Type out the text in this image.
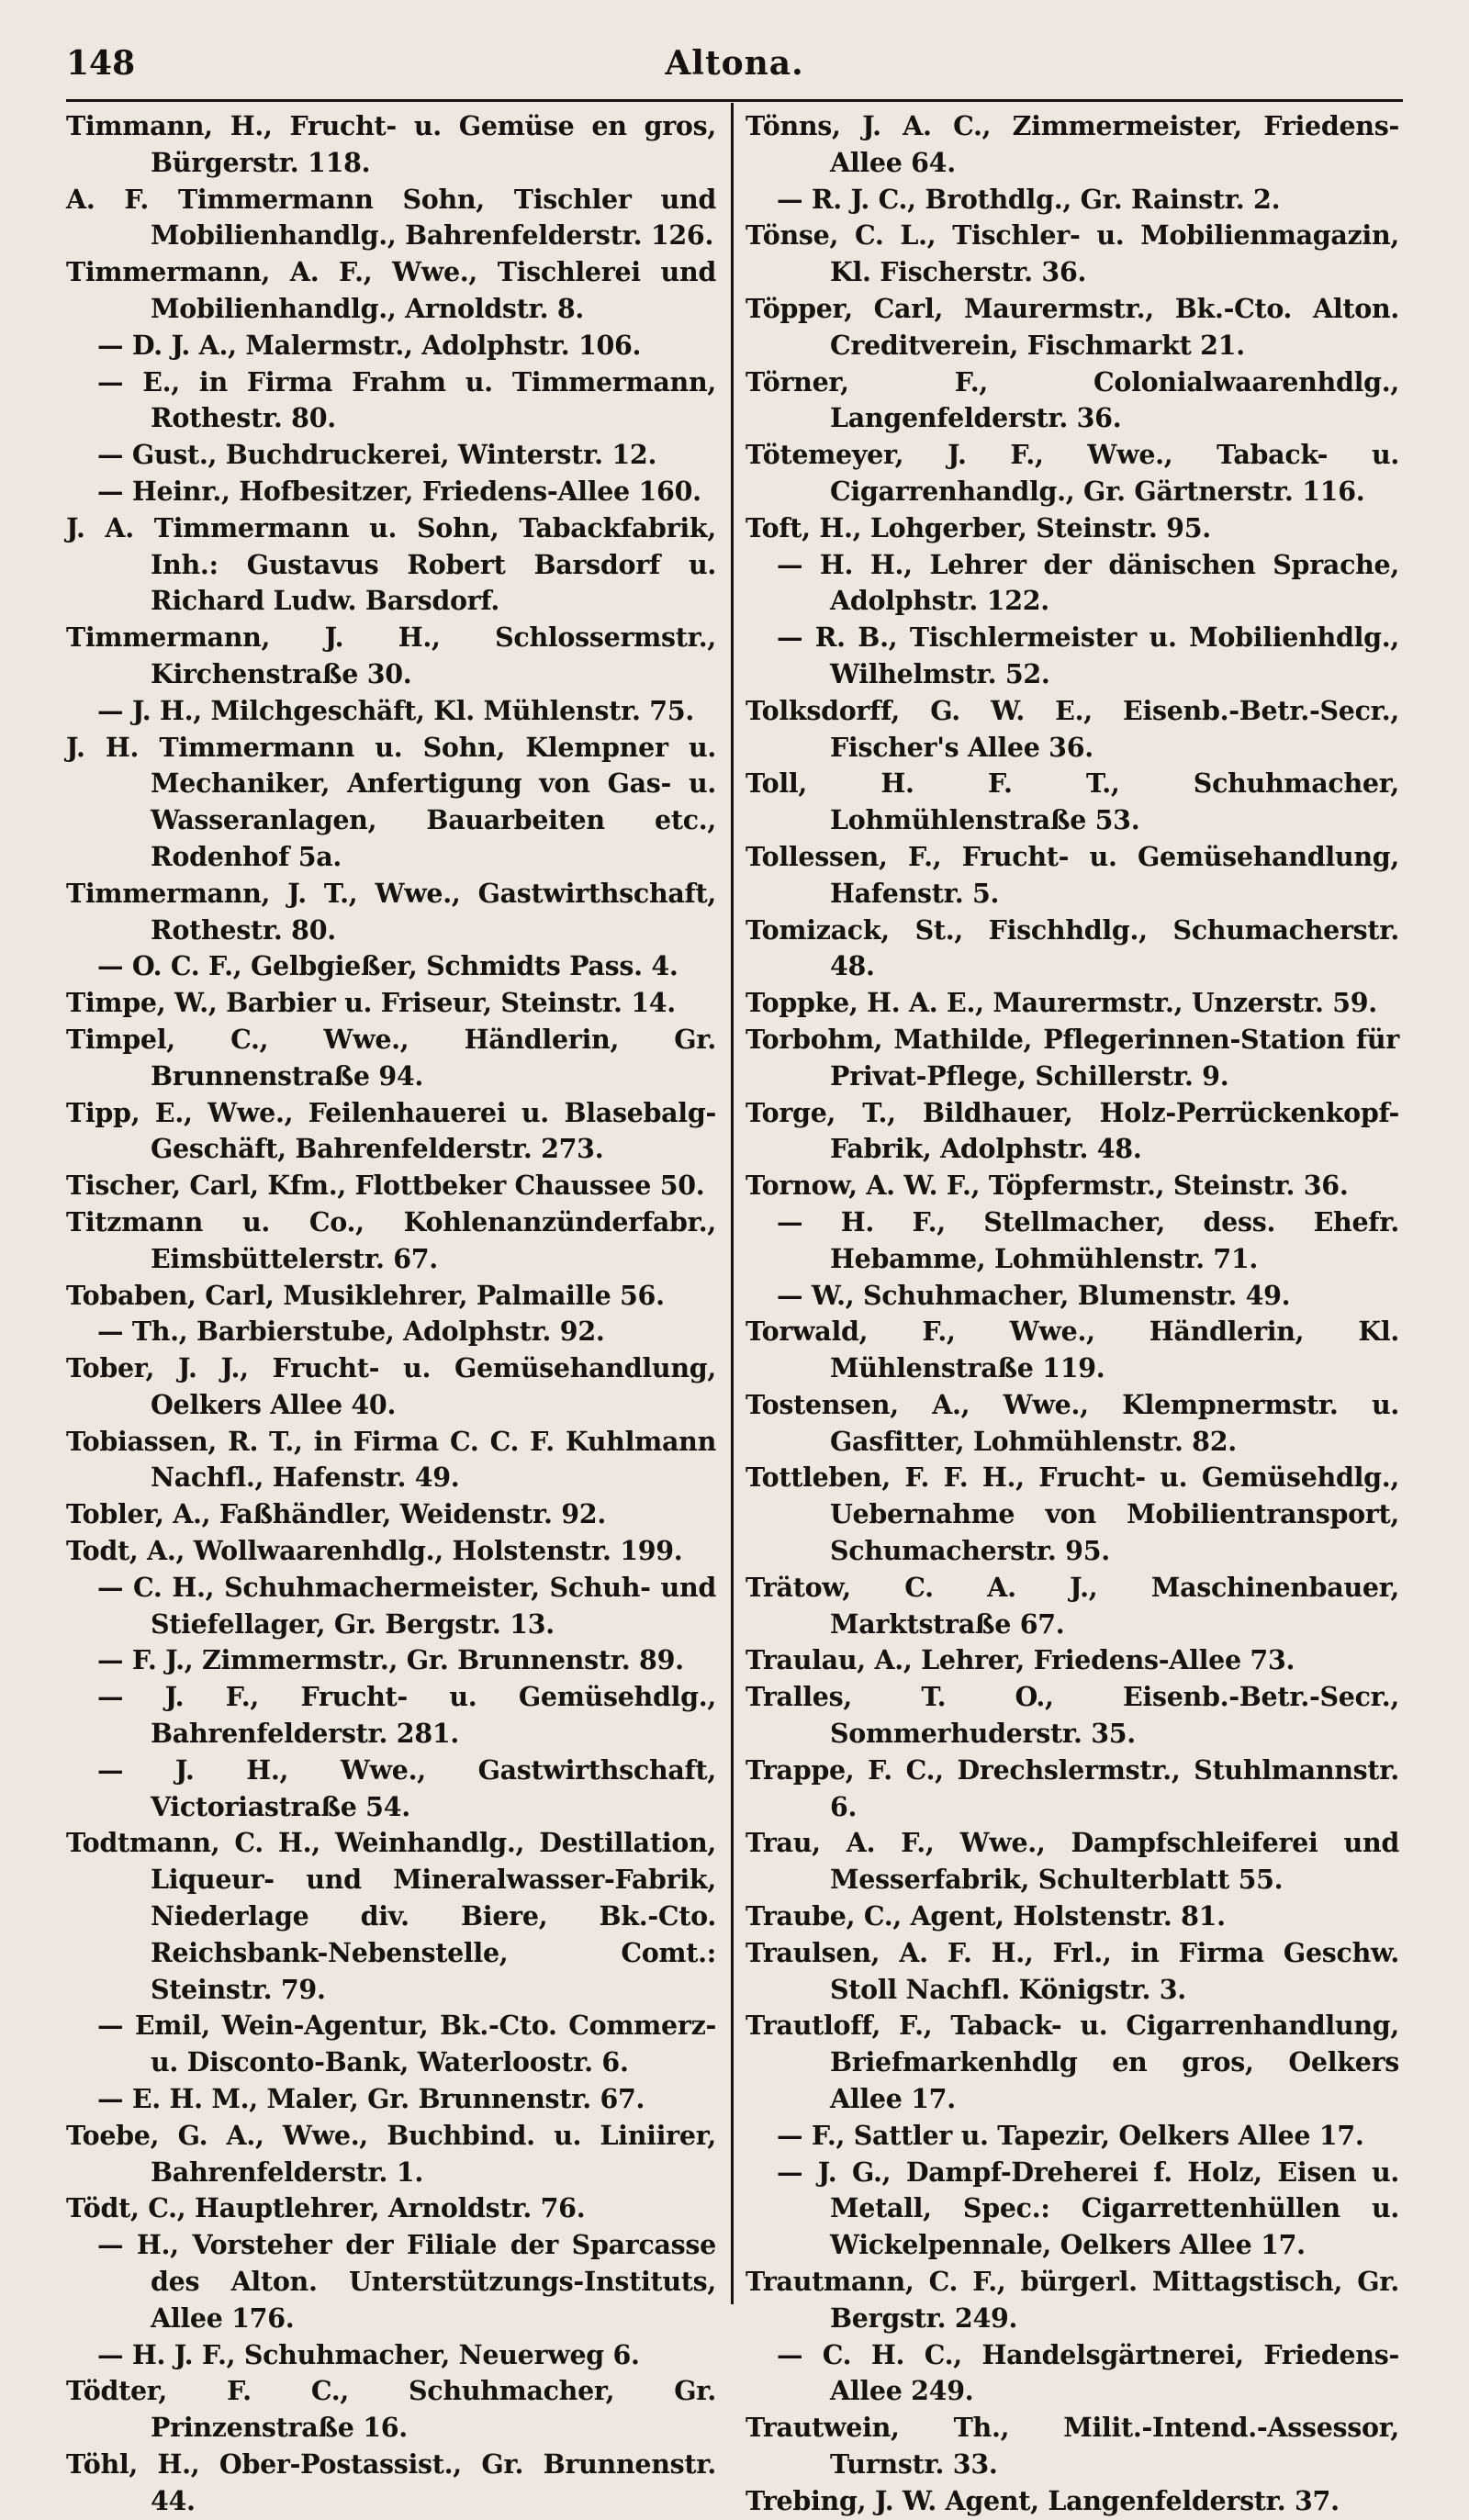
148	Altona.
Timmann, H., Frucht- u. Gemüse en gros, Bürgerstr. 118.
A. F. Timmermann Sohn, Tischler und Mobilienhandlg., Bahrenfelderstr. 126.
Timmermann, A. F., Wwe., Tischlerei und Mobilienhandlg., Arnoldstr. 8.
— D. J. A., Malermstr., Adolphstr. 106.
— E., in Firma Frahm u. Timmermann, Rothestr. 80.
— Gust., Buchdruckerei, Winterstr. 12.
— Heinr., Hofbesitzer, Friedens-Allee 160.
J. A. Timmermann u. Sohn, Tabackfabrik, Inh.: Gustavus Robert Barsdorf u. Richard Ludw. Barsdorf.
Timmermann, J. H., Schlossermstr., Kirchenstraße 30.
— J. H., Milchgeschäft, Kl. Mühlenstr. 75.
J. H. Timmermann u. Sohn, Klempner u. Mechaniker, Anfertigung von Gas- u. Wasseranlagen, Bauarbeiten etc., Rodenhof 5a.
Timmermann, J. T., Wwe., Gastwirthschaft, Rothestr. 80.
— O. C. F., Gelbgießer, Schmidts Pass. 4.
Timpe, W., Barbier u. Friseur, Steinstr. 14.
Timpel, C., Wwe., Händlerin, Gr. Brunnenstraße 94.
Tipp, E., Wwe., Feilenhauerei u. Blasebalg-Geschäft, Bahrenfelderstr. 273.
Tischer, Carl, Kfm., Flottbeker Chaussee 50.
Titzmann u. Co., Kohlenanzünderfabr., Eimsbüttelerstr. 67.
Tobaben, Carl, Musiklehrer, Palmaille 56.
— Th., Barbierstube, Adolphstr. 92.
Tober, J. J., Frucht- u. Gemüsehandlung, Oelkers Allee 40.
Tobiassen, R. T., in Firma C. C. F. Kuhlmann Nachfl., Hafenstr. 49.
Tobler, A., Faßhändler, Weidenstr. 92.
Todt, A., Wollwaarenhdlg., Holstenstr. 199.
— C. H., Schuhmachermeister, Schuh- und Stiefellager, Gr. Bergstr. 13.
— F. J., Zimmermstr., Gr. Brunnenstr. 89.
— J. F., Frucht- u. Gemüsehdlg., Bahrenfelderstr. 281.
— J. H., Wwe., Gastwirthschaft, Victoriastraße 54.
Todtmann, C. H., Weinhandlg., Destillation, Liqueur- und Mineralwasser-Fabrik, Niederlage div. Biere, Bk.-Cto. Reichsbank-Nebenstelle, Comt.: Steinstr. 79.
— Emil, Wein-Agentur, Bk.-Cto. Commerz- u. Disconto-Bank, Waterloostr. 6.
— E. H. M., Maler, Gr. Brunnenstr. 67.
Toebe, G. A., Wwe., Buchbind. u. Liniirer, Bahrenfelderstr. 1.
Tödt, C., Hauptlehrer, Arnoldstr. 76.
— H., Vorsteher der Filiale der Sparcasse des Alton. Unterstützungs-Instituts, Allee 176.
— H. J. F., Schuhmacher, Neuerweg 6.
Tödter, F. C., Schuhmacher, Gr. Prinzenstraße 16.
Töhl, H., Ober-Postassist., Gr. Brunnenstr. 44.
Tönns, J. A. C., Zimmermeister, Friedens-Allee 64.
— R. J. C., Brothdlg., Gr. Rainstr. 2.
Tönse, C. L., Tischler- u. Mobilienmagazin, Kl. Fischerstr. 36.
Töpper, Carl, Maurermstr., Bk.-Cto. Alton. Creditverein, Fischmarkt 21.
Törner, F., Colonialwaarenhdlg., Langenfelderstr. 36.
Tötemeyer, J. F., Wwe., Taback- u. Cigarrenhandlg., Gr. Gärtnerstr. 116.
Toft, H., Lohgerber, Steinstr. 95.
— H. H., Lehrer der dänischen Sprache, Adolphstr. 122.
— R. B., Tischlermeister u. Mobilienhdlg., Wilhelmstr. 52.
Tolksdorff, G. W. E., Eisenb.-Betr.-Secr., Fischer's Allee 36.
Toll, H. F. T., Schuhmacher, Lohmühlenstraße 53.
Tollessen, F., Frucht- u. Gemüsehandlung, Hafenstr. 5.
Tomizack, St., Fischhdlg., Schumacherstr. 48.
Toppke, H. A. E., Maurermstr., Unzerstr. 59.
Torbohm, Mathilde, Pflegerinnen-Station für Privat-Pflege, Schillerstr. 9.
Torge, T., Bildhauer, Holz-Perrückenkopf-Fabrik, Adolphstr. 48.
Tornow, A. W. F., Töpfermstr., Steinstr. 36.
— H. F., Stellmacher, dess. Ehefr. Hebamme, Lohmühlenstr. 71.
— W., Schuhmacher, Blumenstr. 49.
Torwald, F., Wwe., Händlerin, Kl. Mühlenstraße 119.
Tostensen, A., Wwe., Klempnermstr. u. Gasfitter, Lohmühlenstr. 82.
Tottleben, F. F. H., Frucht- u. Gemüsehdlg., Uebernahme von Mobilientransport, Schumacherstr. 95.
Trätow, C. A. J., Maschinenbauer, Marktstraße 67.
Traulau, A., Lehrer, Friedens-Allee 73.
Tralles, T. O., Eisenb.-Betr.-Secr., Sommerhuderstr. 35.
Trappe, F. C., Drechslermstr., Stuhlmannstr. 6.
Trau, A. F., Wwe., Dampfschleiferei und Messerfabrik, Schulterblatt 55.
Traube, C., Agent, Holstenstr. 81.
Traulsen, A. F. H., Frl., in Firma Geschw. Stoll Nachfl. Königstr. 3.
Trautloff, F., Taback- u. Cigarrenhandlung, Briefmarkenhdlg en gros, Oelkers Allee 17.
— F., Sattler u. Tapezir, Oelkers Allee 17.
— J. G., Dampf-Dreherei f. Holz, Eisen u. Metall, Spec.: Cigarrettenhüllen u. Wickelpennale, Oelkers Allee 17.
Trautmann, C. F., bürgerl. Mittagstisch, Gr. Bergstr. 249.
— C. H. C., Handelsgärtnerei, Friedens-Allee 249.
Trautwein, Th., Milit.-Intend.-Assessor, Turnstr. 33.
Trebing, J. W. Agent, Langenfelderstr. 37.
